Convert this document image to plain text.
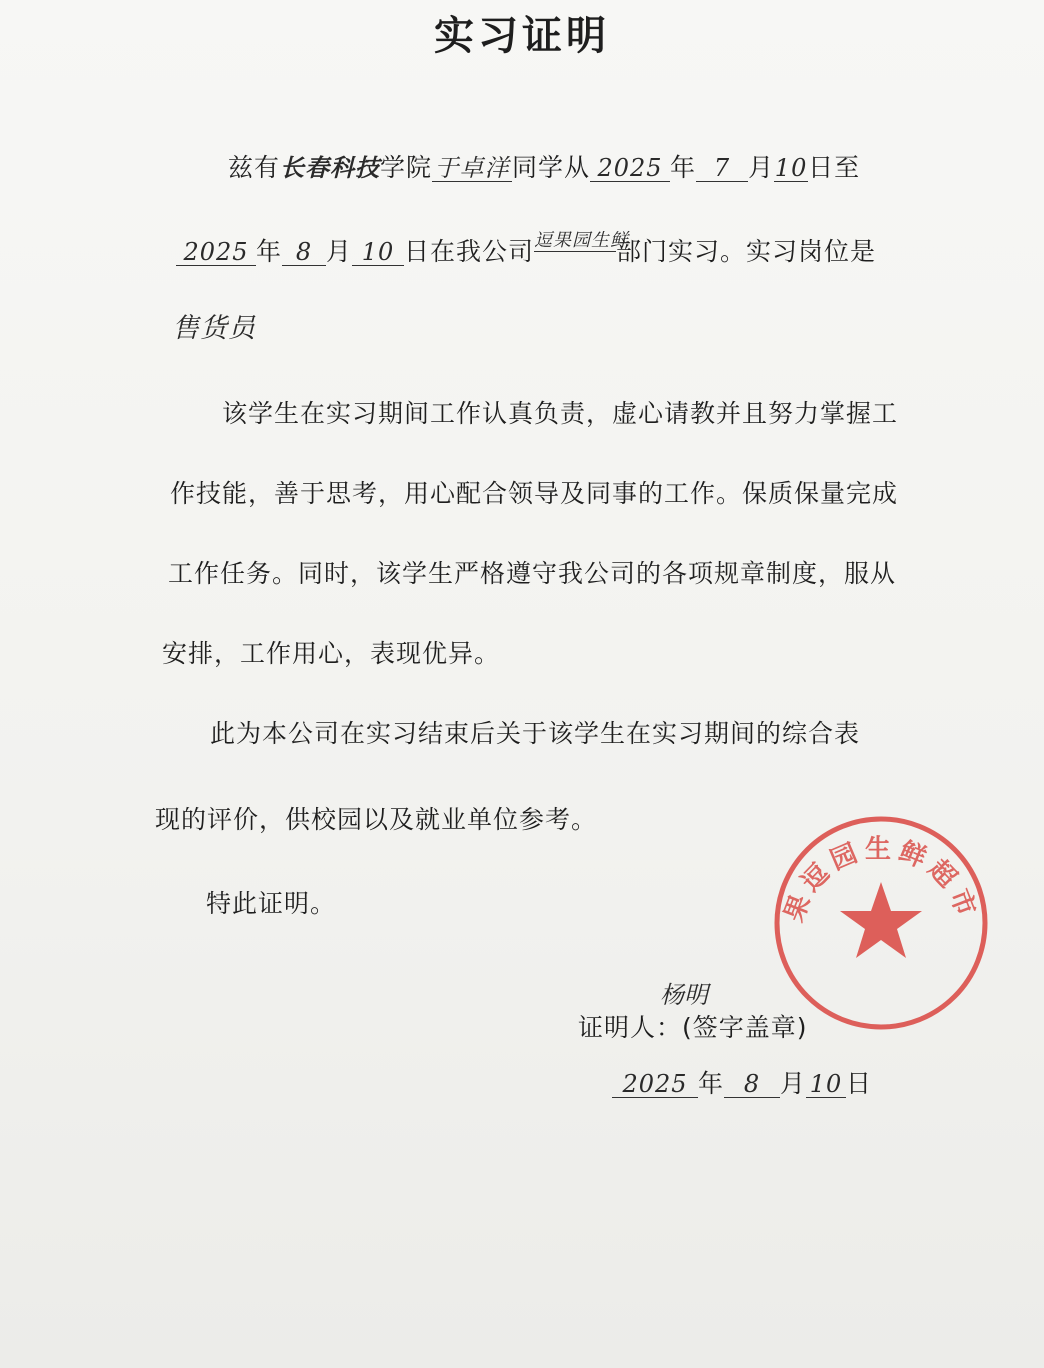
实习证明
兹有长春科技学院 于卓洋 同学从 2025 年 7 月10日至
2025 年 8 月 10 日在我公司逗果园生鲜部门实习。实习岗位是
售货员
该学生在实习期间工作认真负责，虚心请教并且努力掌握工
作技能，善于思考，用心配合领导及同事的工作。保质保量完成
工作任务。同时，该学生严格遵守我公司的各项规章制度，服从
安排，工作用心，表现优异。
此为本公司在实习结束后关于该学生在实习期间的综合表
现的评价，供校园以及就业单位参考。
特此证明。	果逗园生鲜超市
杨明
证明人：(签字盖章)
2025 年 8 月 10 日
